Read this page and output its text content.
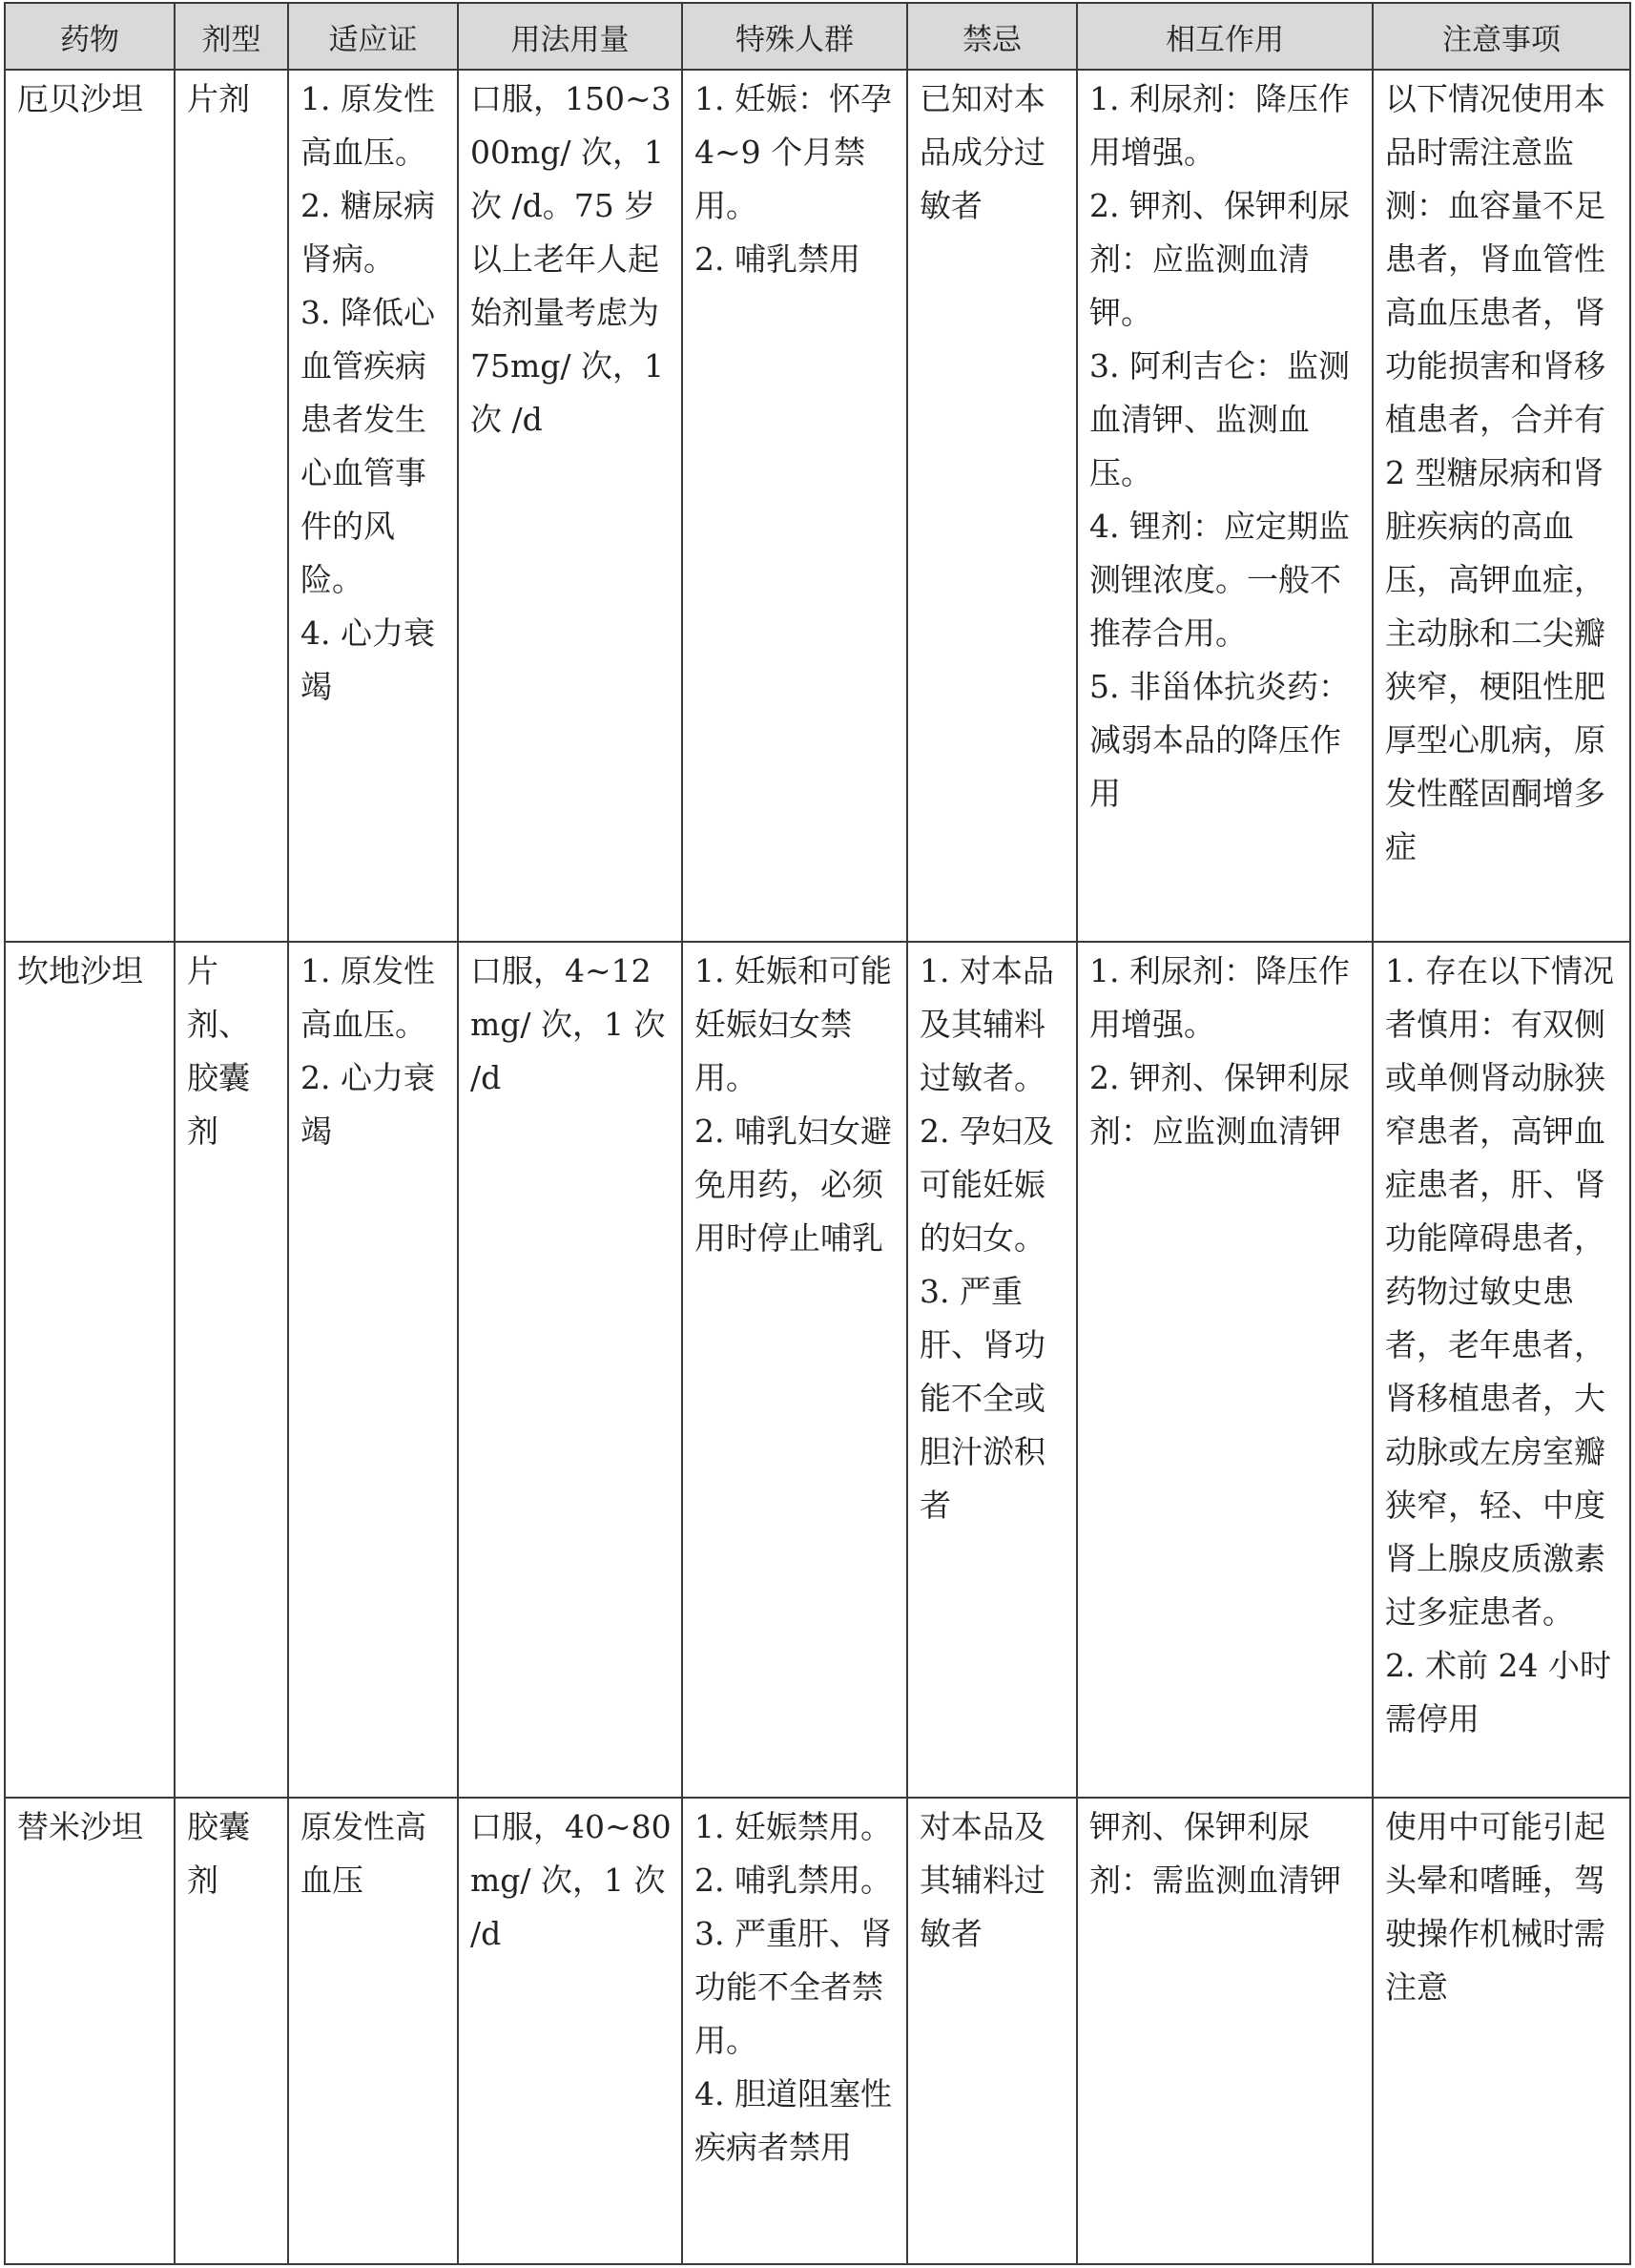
药物	剂型	适应证	用法用量	特殊人群	禁忌	相互作用	注意事项
厄贝沙坦	片剂	1. 原发性高血压。
2. 糖尿病肾病。
3. 降低心血管疾病患者发生心血管事件的风险。
4. 心力衰竭	口服，150~300mg/ 次，1 次 /d。75 岁以上老年人起始剂量考虑为 75mg/ 次，1 次 /d	1. 妊娠：怀孕 4~9 个月禁用。
2. 哺乳禁用	已知对本品成分过敏者	1. 利尿剂：降压作用增强。
2. 钾剂、保钾利尿剂：应监测血清钾。
3. 阿利吉仑：监测血清钾、监测血压。
4. 锂剂：应定期监测锂浓度。一般不推荐合用。
5. 非甾体抗炎药：减弱本品的降压作用	以下情况使用本品时需注意监测：血容量不足患者，肾血管性高血压患者，肾功能损害和肾移植患者，合并有 2 型糖尿病和肾脏疾病的高血压，高钾血症，主动脉和二尖瓣狭窄，梗阻性肥厚型心肌病，原发性醛固酮增多症

坎地沙坦	片剂、胶囊剂	1. 原发性高血压。
2. 心力衰竭	口服，4~12mg/ 次，1 次 /d	1. 妊娠和可能妊娠妇女禁用。
2. 哺乳妇女避免用药，必须用时停止哺乳	1. 对本品及其辅料过敏者。
2. 孕妇及可能妊娠的妇女。
3. 严重肝、肾功能不全或胆汁淤积者	1. 利尿剂：降压作用增强。
2. 钾剂、保钾利尿剂：应监测血清钾	1. 存在以下情况者慎用：有双侧或单侧肾动脉狭窄患者，高钾血症患者，肝、肾功能障碍患者，药物过敏史患者，老年患者，肾移植患者，大动脉或左房室瓣狭窄，轻、中度肾上腺皮质激素过多症患者。
2. 术前 24 小时需停用

替米沙坦	胶囊剂	原发性高血压	口服，40~80mg/ 次，1 次 /d	1. 妊娠禁用。
2. 哺乳禁用。
3. 严重肝、肾功能不全者禁用。
4. 胆道阻塞性疾病者禁用	对本品及其辅料过敏者	钾剂、保钾利尿剂：需监测血清钾	使用中可能引起头晕和嗜睡，驾驶操作机械时需注意
